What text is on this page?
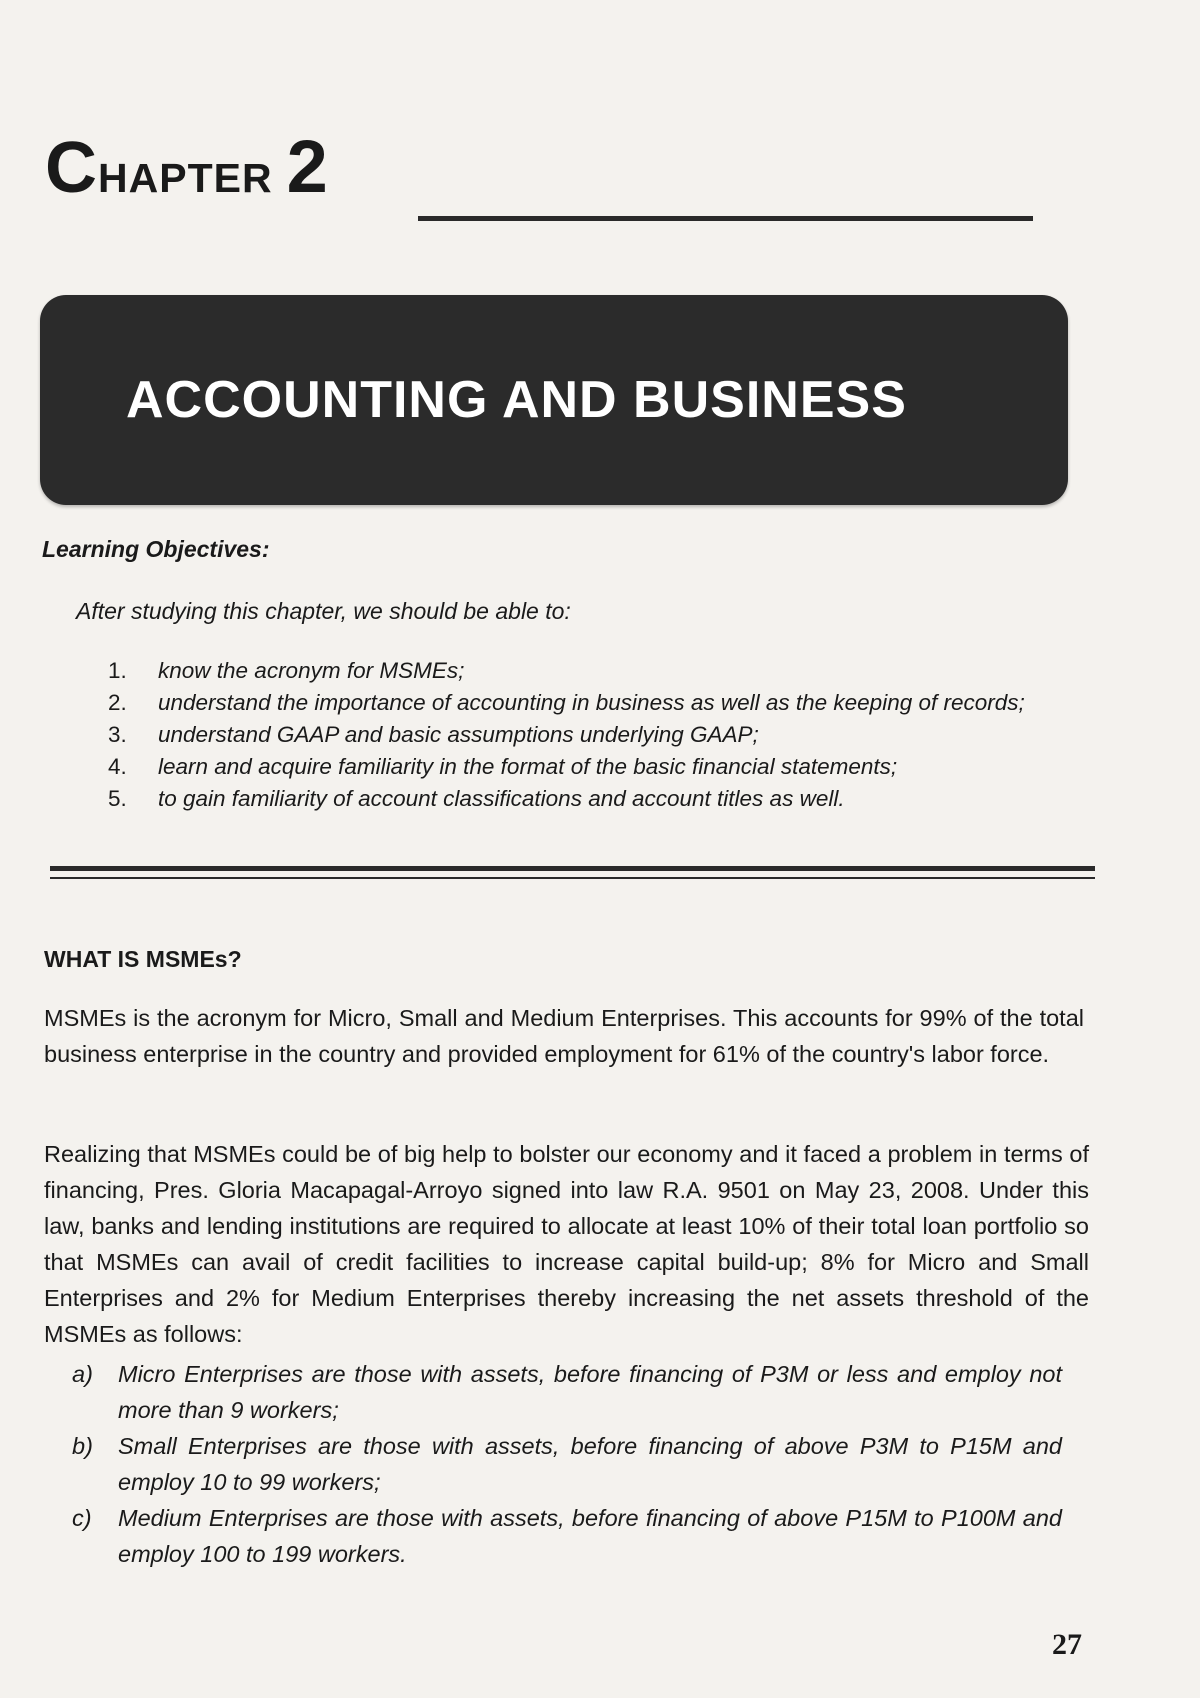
C HAPTER 2
ACCOUNTING AND BUSINESS

Learning Objectives:

After studying this chapter, we should be able to:

1.	know the acronym for MSMEs;
2.	understand the importance of accounting in business as well as the keeping of records;
3.	understand GAAP and basic assumptions underlying GAAP;
4.	learn and acquire familiarity in the format of the basic financial statements;
5.	to gain familiarity of account classifications and account titles as well.
WHAT IS MSMEs?

MSMEs is the acronym for Micro, Small and Medium Enterprises. This accounts for 99% of the total business enterprise in the country and provided employment for 61% of the country's labor force.

Realizing that MSMEs could be of big help to bolster our economy and it faced a problem in terms of financing, Pres. Gloria Macapagal-Arroyo signed into law R.A. 9501 on May 23, 2008. Under this law, banks and lending institutions are required to allocate at least 10% of their total loan portfolio so that MSMEs can avail of credit facilities to increase capital build-up; 8% for Micro and Small Enterprises and 2% for Medium Enterprises thereby increasing the net assets threshold of the MSMEs as follows:

a)	Micro Enterprises are those with assets, before financing of P3M or less and employ not more than 9 workers;
b)	Small Enterprises are those with assets, before financing of above P3M to P15M and employ 10 to 99 workers;
c)	Medium Enterprises are those with assets, before financing of above P15M to P100M and employ 100 to 199 workers.

27
